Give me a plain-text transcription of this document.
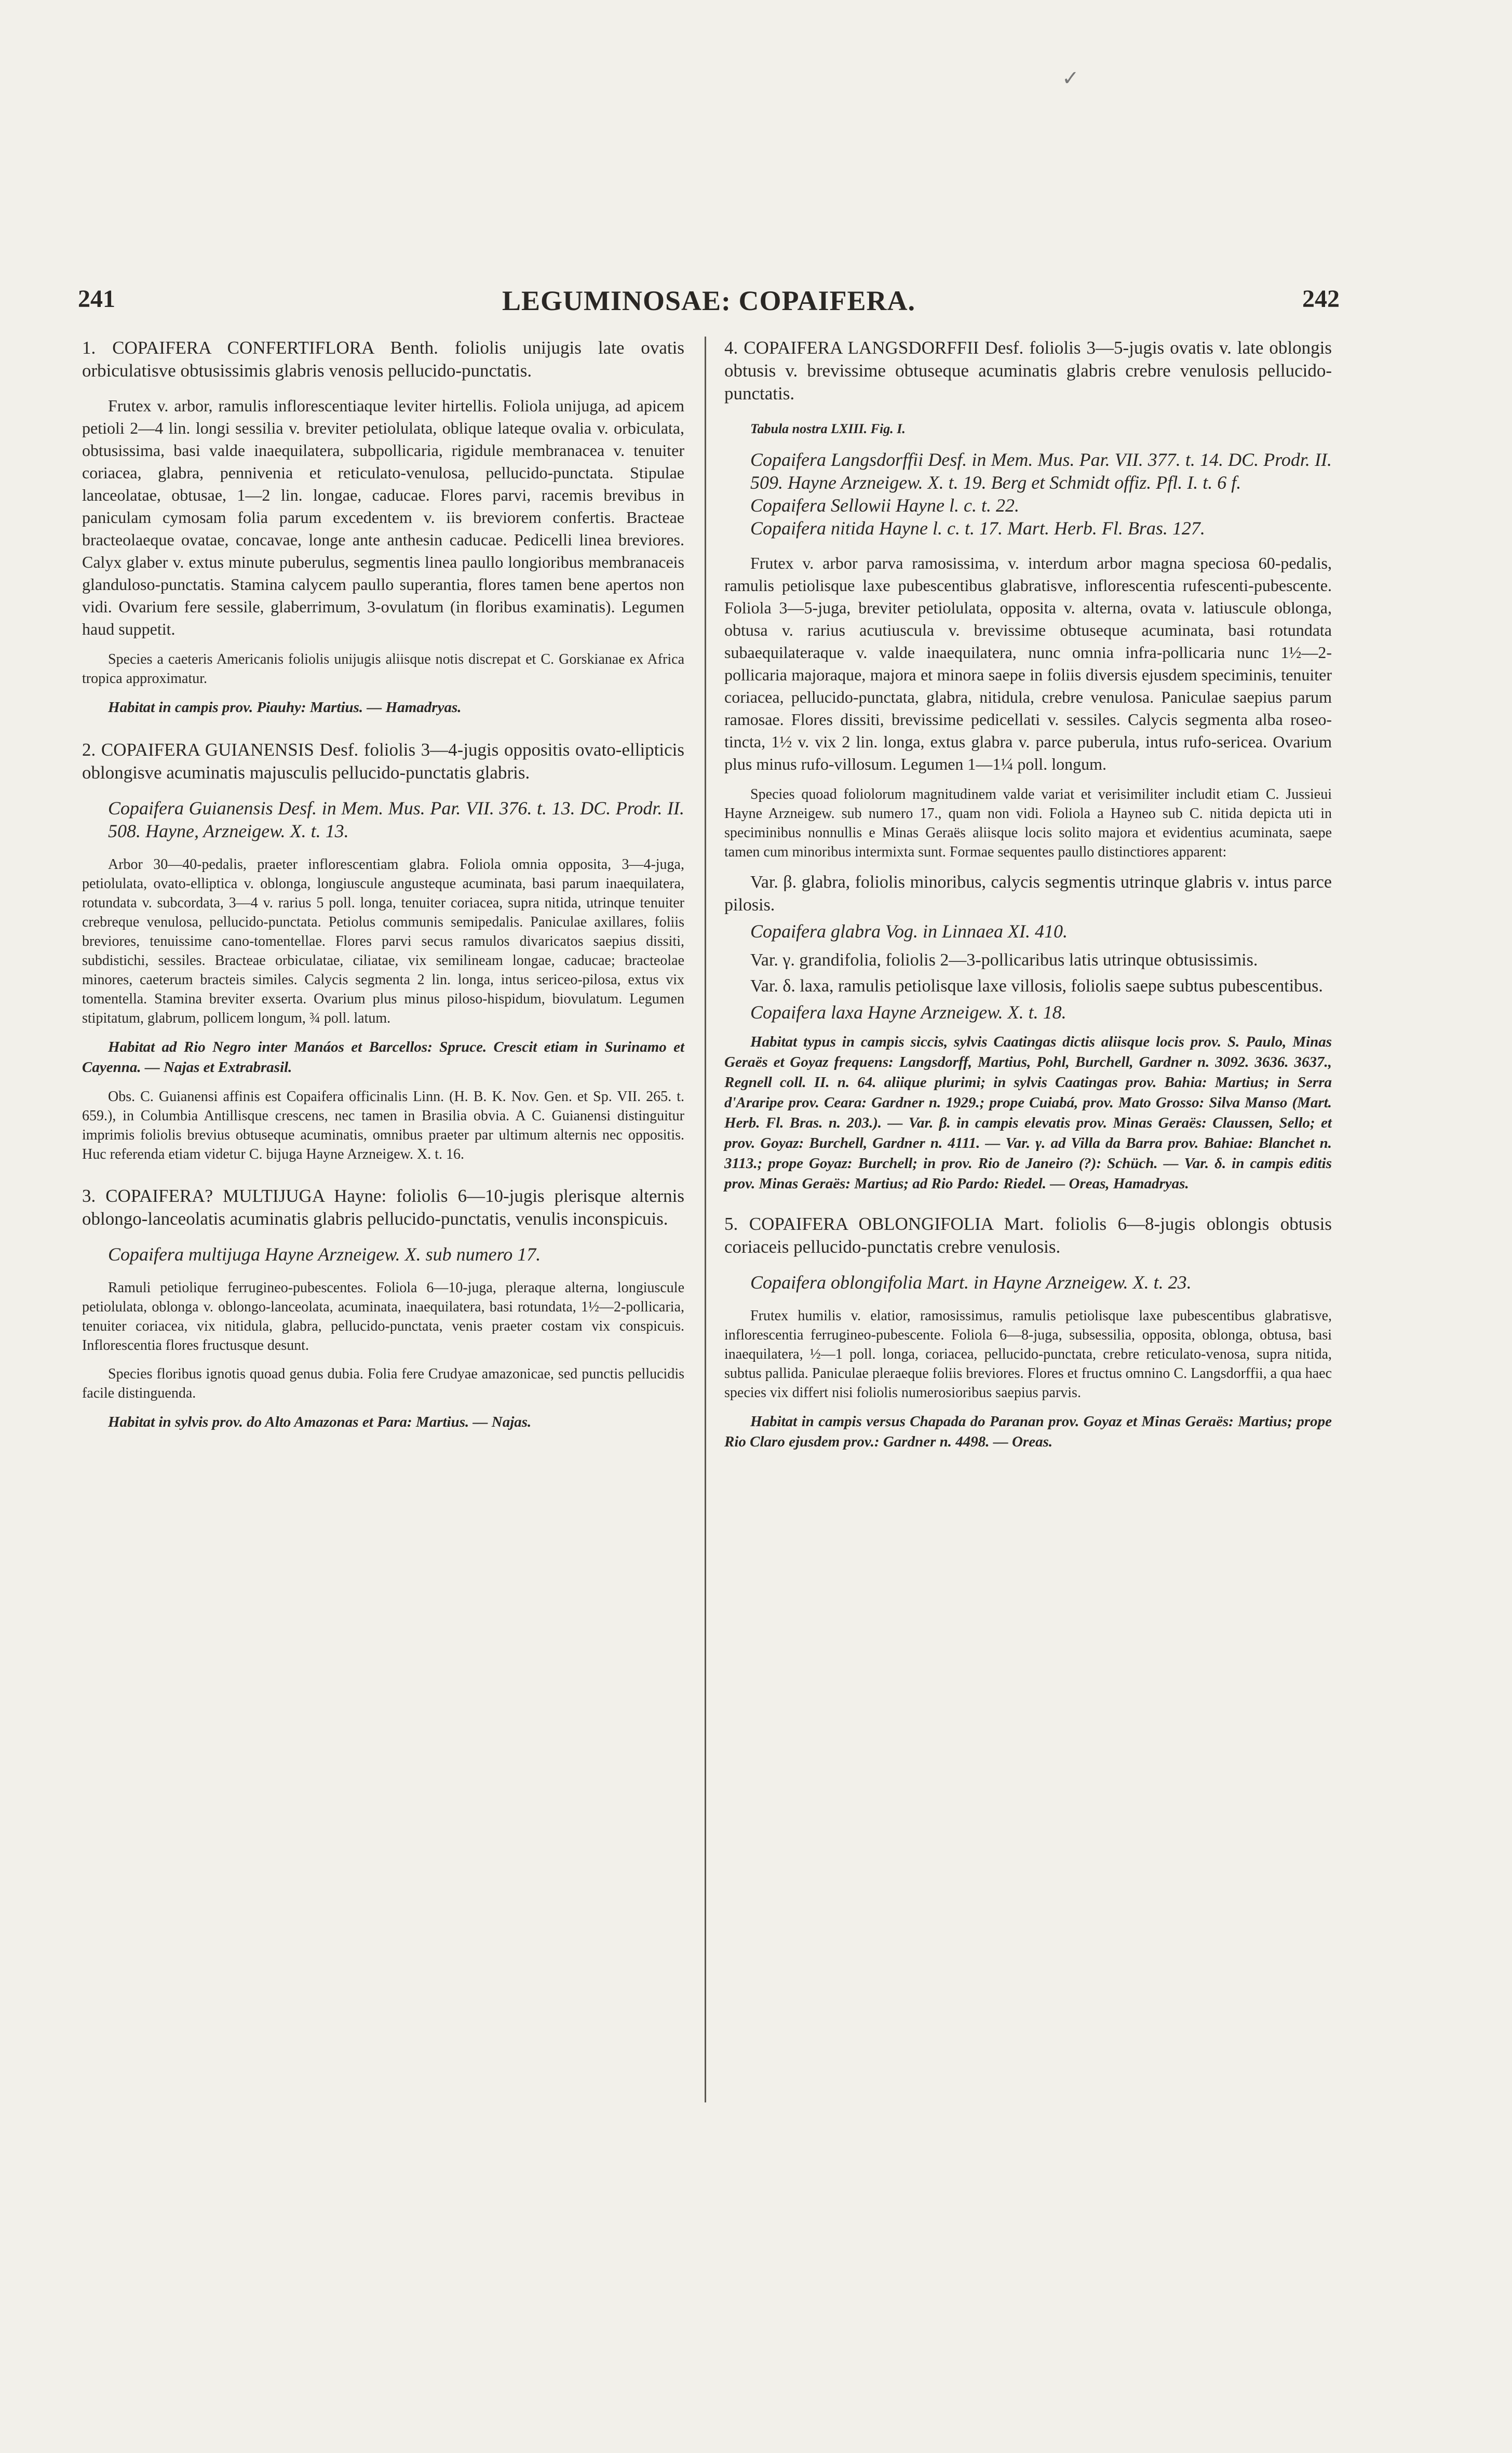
✓
241	LEGUMINOSAE: COPAIFERA.	242

1. COPAIFERA CONFERTIFLORA Benth. foliolis unijugis late ovatis orbiculatisve obtusissimis glabris venosis pellucido-punctatis.

Frutex v. arbor, ramulis inflorescentiaque leviter hirtellis. Foliola unijuga, ad apicem petioli 2—4 lin. longi sessilia v. breviter petiolulata, oblique lateque ovalia v. orbiculata, obtusissima, basi valde inaequilatera, subpollicaria, rigidule membranacea v. tenuiter coriacea, glabra, pennivenia et reticulato-venulosa, pellucido-punctata. Stipulae lanceolatae, obtusae, 1—2 lin. longae, caducae. Flores parvi, racemis brevibus in paniculam cymosam folia parum excedentem v. iis breviorem confertis. Bracteae bracteolaeque ovatae, concavae, longe ante anthesin caducae. Pedicelli linea breviores. Calyx glaber v. extus minute puberulus, segmentis linea paullo longioribus membranaceis glanduloso-punctatis. Stamina calycem paullo superantia, flores tamen bene apertos non vidi. Ovarium fere sessile, glaberrimum, 3-ovulatum (in floribus examinatis). Legumen haud suppetit.

Species a caeteris Americanis foliolis unijugis aliisque notis discrepat et C. Gorskianae ex Africa tropica approximatur.

Habitat in campis prov. Piauhy: Martius. — Hamadryas.

2. COPAIFERA GUIANENSIS Desf. foliolis 3—4-jugis oppositis ovato-ellipticis oblongisve acuminatis majusculis pellucido-punctatis glabris.

Copaifera Guianensis Desf. in Mem. Mus. Par. VII. 376. t. 13. DC. Prodr. II. 508. Hayne, Arzneigew. X. t. 13.

Arbor 30—40-pedalis, praeter inflorescentiam glabra. Foliola omnia opposita, 3—4-juga, petiolulata, ovato-elliptica v. oblonga, longiuscule angusteque acuminata, basi parum inaequilatera, rotundata v. subcordata, 3—4 v. rarius 5 poll. longa, tenuiter coriacea, supra nitida, utrinque tenuiter crebreque venulosa, pellucido-punctata. Petiolus communis semipedalis. Paniculae axillares, foliis breviores, tenuissime cano-tomentellae. Flores parvi secus ramulos divaricatos saepius dissiti, subdistichi, sessiles. Bracteae orbiculatae, ciliatae, vix semilineam longae, caducae; bracteolae minores, caeterum bracteis similes. Calycis segmenta 2 lin. longa, intus sericeo-pilosa, extus vix tomentella. Stamina breviter exserta. Ovarium plus minus piloso-hispidum, biovulatum. Legumen stipitatum, glabrum, pollicem longum, ¾ poll. latum.

Habitat ad Rio Negro inter Manáos et Barcellos: Spruce. Crescit etiam in Surinamo et Cayenna. — Najas et Extrabrasil.

Obs. C. Guianensi affinis est Copaifera officinalis Linn. (H. B. K. Nov. Gen. et Sp. VII. 265. t. 659.), in Columbia Antillisque crescens, nec tamen in Brasilia obvia. A C. Guianensi distinguitur imprimis foliolis brevius obtuseque acuminatis, omnibus praeter par ultimum alternis nec oppositis. Huc referenda etiam videtur C. bijuga Hayne Arzneigew. X. t. 16.

3. COPAIFERA? MULTIJUGA Hayne: foliolis 6—10-jugis plerisque alternis oblongo-lanceolatis acuminatis glabris pellucido-punctatis, venulis inconspicuis.

Copaifera multijuga Hayne Arzneigew. X. sub numero 17.

Ramuli petiolique ferrugineo-pubescentes. Foliola 6—10-juga, pleraque alterna, longiuscule petiolulata, oblonga v. oblongo-lanceolata, acuminata, inaequilatera, basi rotundata, 1½—2-pollicaria, tenuiter coriacea, vix nitidula, glabra, pellucido-punctata, venis praeter costam vix conspicuis. Inflorescentia flores fructusque desunt.

Species floribus ignotis quoad genus dubia. Folia fere Crudyae amazonicae, sed punctis pellucidis facile distinguenda.

Habitat in sylvis prov. do Alto Amazonas et Para: Martius. — Najas.

4. COPAIFERA LANGSDORFFII Desf. foliolis 3—5-jugis ovatis v. late oblongis obtusis v. brevissime obtuseque acuminatis glabris crebre venulosis pellucido-punctatis.

Tabula nostra LXIII. Fig. I.

Copaifera Langsdorffii Desf. in Mem. Mus. Par. VII. 377. t. 14. DC. Prodr. II. 509. Hayne Arzneigew. X. t. 19. Berg et Schmidt offiz. Pfl. I. t. 6 f.

Copaifera Sellowii Hayne l. c. t. 22.

Copaifera nitida Hayne l. c. t. 17. Mart. Herb. Fl. Bras. 127.

Frutex v. arbor parva ramosissima, v. interdum arbor magna speciosa 60-pedalis, ramulis petiolisque laxe pubescentibus glabratisve, inflorescentia rufescenti-pubescente. Foliola 3—5-juga, breviter petiolulata, opposita v. alterna, ovata v. latiuscule oblonga, obtusa v. rarius acutiuscula v. brevissime obtuseque acuminata, basi rotundata subaequilateraque v. valde inaequilatera, nunc omnia infra-pollicaria nunc 1½—2-pollicaria majoraque, majora et minora saepe in foliis diversis ejusdem speciminis, tenuiter coriacea, pellucido-punctata, glabra, nitidula, crebre venulosa. Paniculae saepius parum ramosae. Flores dissiti, brevissime pedicellati v. sessiles. Calycis segmenta alba roseo-tincta, 1½ v. vix 2 lin. longa, extus glabra v. parce puberula, intus rufo-sericea. Ovarium plus minus rufo-villosum. Legumen 1—1¼ poll. longum.

Species quoad foliolorum magnitudinem valde variat et verisimiliter includit etiam C. Jussieui Hayne Arzneigew. sub numero 17., quam non vidi. Foliola a Hayneo sub C. nitida depicta uti in speciminibus nonnullis e Minas Geraës aliisque locis solito majora et evidentius acuminata, saepe tamen cum minoribus intermixta sunt. Formae sequentes paullo distinctiores apparent:

Var. β. glabra, foliolis minoribus, calycis segmentis utrinque glabris v. intus parce pilosis.

Copaifera glabra Vog. in Linnaea XI. 410.

Var. γ. grandifolia, foliolis 2—3-pollicaribus latis utrinque obtusissimis.

Var. δ. laxa, ramulis petiolisque laxe villosis, foliolis saepe subtus pubescentibus.

Copaifera laxa Hayne Arzneigew. X. t. 18.

Habitat typus in campis siccis, sylvis Caatingas dictis aliisque locis prov. S. Paulo, Minas Geraës et Goyaz frequens: Langsdorff, Martius, Pohl, Burchell, Gardner n. 3092. 3636. 3637., Regnell coll. II. n. 64. aliique plurimi; in sylvis Caatingas prov. Bahia: Martius; in Serra d'Araripe prov. Ceara: Gardner n. 1929.; prope Cuiabá, prov. Mato Grosso: Silva Manso (Mart. Herb. Fl. Bras. n. 203.). — Var. β. in campis elevatis prov. Minas Geraës: Claussen, Sello; et prov. Goyaz: Burchell, Gardner n. 4111. — Var. γ. ad Villa da Barra prov. Bahiae: Blanchet n. 3113.; prope Goyaz: Burchell; in prov. Rio de Janeiro (?): Schüch. — Var. δ. in campis editis prov. Minas Geraës: Martius; ad Rio Pardo: Riedel. — Oreas, Hamadryas.

5. COPAIFERA OBLONGIFOLIA Mart. foliolis 6—8-jugis oblongis obtusis coriaceis pellucido-punctatis crebre venulosis.

Copaifera oblongifolia Mart. in Hayne Arzneigew. X. t. 23.

Frutex humilis v. elatior, ramosissimus, ramulis petiolisque laxe pubescentibus glabratisve, inflorescentia ferrugineo-pubescente. Foliola 6—8-juga, subsessilia, opposita, oblonga, obtusa, basi inaequilatera, ½—1 poll. longa, coriacea, pellucido-punctata, crebre reticulato-venosa, supra nitida, subtus pallida. Paniculae pleraeque foliis breviores. Flores et fructus omnino C. Langsdorffii, a qua haec species vix differt nisi foliolis numerosioribus saepius parvis.

Habitat in campis versus Chapada do Paranan prov. Goyaz et Minas Geraës: Martius; prope Rio Claro ejusdem prov.: Gardner n. 4498. — Oreas.
